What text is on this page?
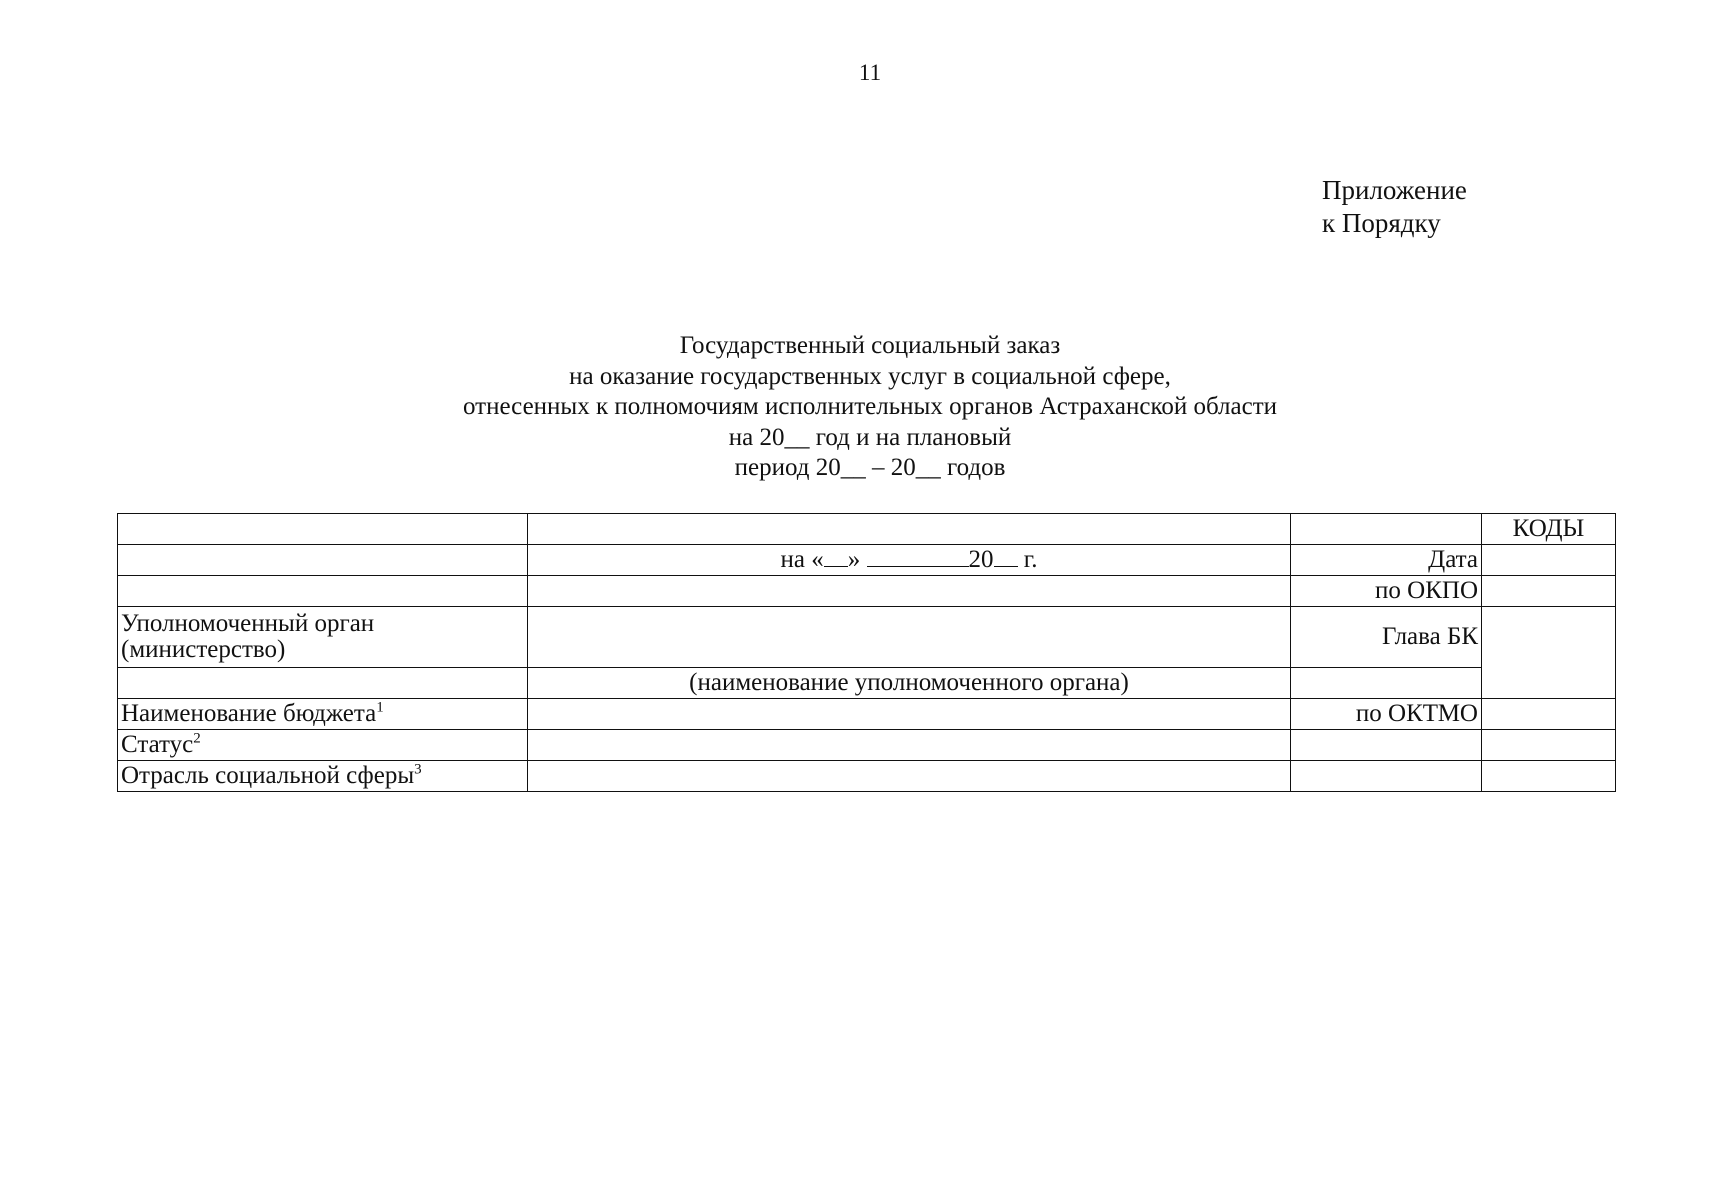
11
Приложение
к Порядку
Государственный социальный заказ
на оказание государственных услуг в социальной сфере,
отнесенных к полномочиям исполнительных органов Астраханской области
на 20__ год и на плановый
период 20__ – 20__ годов
			КОДЫ
	на « » 20 г.	Дата	
		по ОКПО	

Уполномоченный орган
(министерство)		Глава БК	
	(наименование уполномоченного органа)		
Наименование бюджета$^1$		по ОКТМО	
Статус$^2$			
Отрасль социальной сферы$^3$			
